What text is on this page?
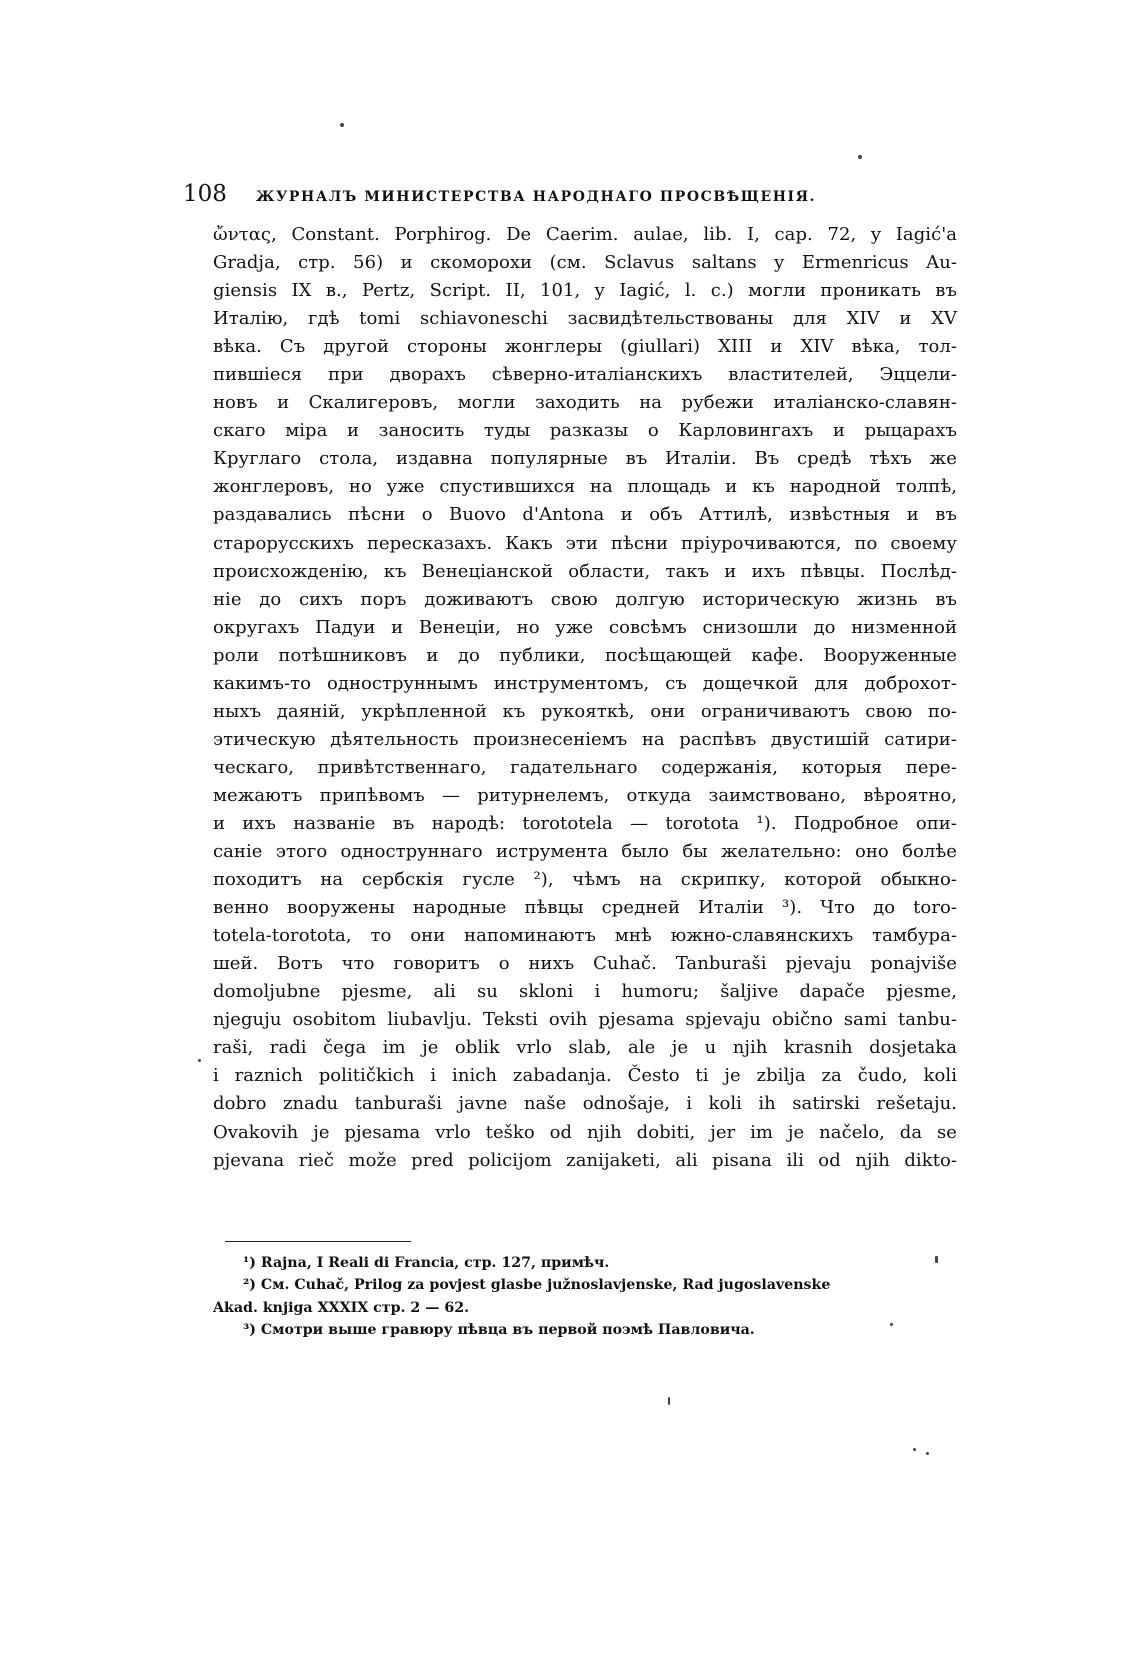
108	ЖУРНАЛЪ МИНИСТЕРСТВА НАРОДНАГО ПРОСВѢЩЕНІЯ.
ὤντας, Constant. Porphirog. De Caerim. aulae, lib. I, cap. 72, y Iagić'a
Gradja, стр. 56) и скоморохи (см. Sclavus saltans y Ermenricus Au-
giensis IX в., Pertz, Script. II, 101, y Iagić, l. c.) могли проникать въ
Италію, гдѣ tomi schiavoneschi засвидѣтельствованы для XIV и XV
вѣка. Съ другой стороны жонглеры (giullari) XIII и XIV вѣка, тол-
пившіеся при дворахъ сѣверно-италіанскихъ властителей, Эццели-
новъ и Скалигеровъ, могли заходить на рубежи италіанско-славян-
скаго міра и заносить туды разказы о Карловингахъ и рыцарахъ
Круглаго стола, издавна популярные въ Италіи. Въ средѣ тѣхъ же
жонглеровъ, но уже спустившихся на площадь и къ народной толпѣ,
раздавались пѣсни о Buovo d'Antona и объ Аттилѣ, извѣстныя и въ
старорусскихъ пересказахъ. Какъ эти пѣсни пріурочиваются, по своему
происхожденію, къ Венеціанской области, такъ и ихъ пѣвцы. Послѣд-
ніе до сихъ поръ доживаютъ свою долгую историческую жизнь въ
округахъ Падуи и Венеціи, но уже совсѣмъ снизошли до низменной
роли потѣшниковъ и до публики, посѣщающей кафе. Вооруженные
какимъ-то однострyннымъ инструментомъ, съ дощечкой для доброхот-
ныхъ даяній, укрѣпленной къ рукояткѣ, они ограничиваютъ свою по-
этическую дѣятельность произнесеніемъ на распѣвъ двустишій сатири-
ческаго, привѣтственнаго, гадательнаго содержанія, которыя пере-
межаютъ припѣвомъ — ритурнелемъ, откуда заимствовано, вѣроятно,
и ихъ названіе въ народѣ: torototela — torototа ¹). Подробное опи-
саніе этого однострyннаго иструмента было бы желательно: оно болѣе
походитъ на сербскія гусле ²), чѣмъ на скрипку, которой обыкно-
венно вооружены народные пѣвцы средней Италіи ³). Что до toro-
totela-torototа, то они напоминаютъ мнѣ южно-славянскихъ тамбура-
шей. Вотъ что говоритъ о нихъ Cuhač. Tanburaši pjevaju ponajviše
domoljubne pjesme, ali su skloni i humoru; šaljive dapače pjesme,
njeguju osobitom liubavlju. Teksti ovih pjesama spjevaju obično sami tanbu-
raši, radi čega im je oblik vrlo slab, ale je u njih krasnih dosjetaka
i raznich političkich i inich zabadanja. Često ti je zbilja za čudo, koli
dobro znadu tanburaši javne naše odnošaje, i koli ih satirski rešetaju.
Ovakovih je pjesama vrlo teško od njih dobiti, jer im je načelo, da se
pjevana rieč može pred policijom zanijaketi, ali pisana ili od njih dikto-
¹) Rajna, I Reali di Francia, стр. 127, примѣч.
²) См. Cuhač, Prilog za povjest glasbe južnoslavjenske, Rad jugoslavenske
Akad. knjiga XXXIX стр. 2 — 62.
³) Смотри выше гравюру пѣвца въ первой поэмѣ Павловича.
